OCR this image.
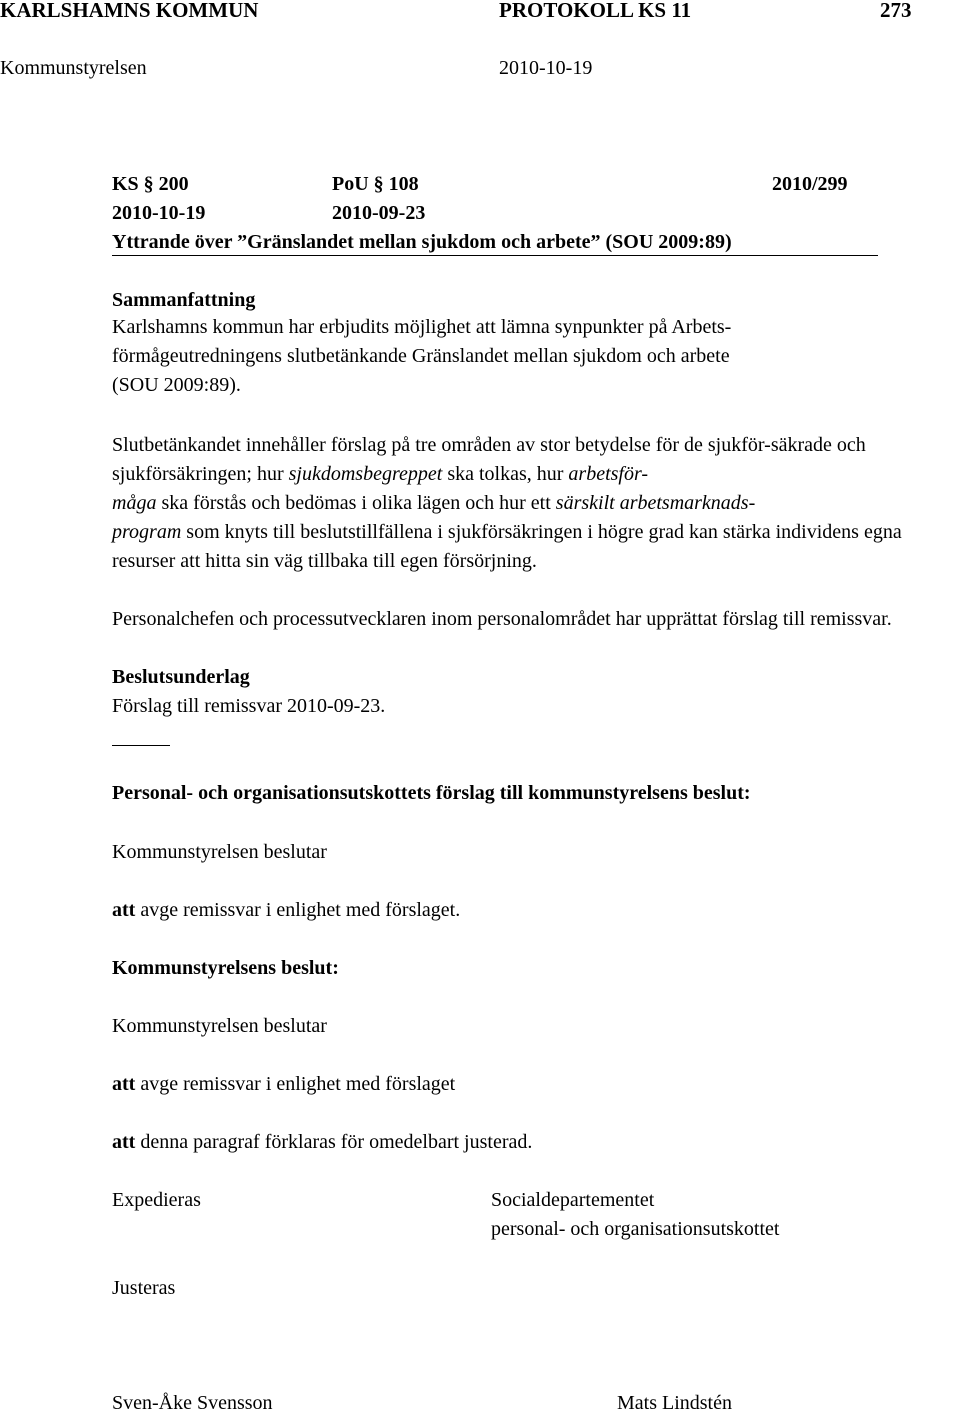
KARLSHAMNS KOMMUN	PROTOKOLL KS 11	273
Kommunstyrelsen	2010-10-19
KS § 200	PoU § 108	2010/299
2010-10-19	2010-09-23
Yttrande över ”Gränslandet mellan sjukdom och arbete” (SOU 2009:89)
Sammanfattning
Karlshamns kommun har erbjudits möjlighet att lämna synpunkter på Arbets-
förmågeutredningens slutbetänkande Gränslandet mellan sjukdom och arbete
(SOU 2009:89).
Slutbetänkandet innehåller förslag på tre områden av stor betydelse för de sjukför-säkrade och
sjukförsäkringen; hur sjukdomsbegreppet ska tolkas, hur arbetsför-
måga ska förstås och bedömas i olika lägen och hur ett särskilt arbetsmarknads-
program som knyts till beslutstillfällena i sjukförsäkringen i högre grad kan stärka individens egna
resurser att hitta sin väg tillbaka till egen försörjning.
Personalchefen och processutvecklaren inom personalområdet har upprättat förslag till remissvar.
Beslutsunderlag
Förslag till remissvar 2010-09-23.
Personal- och organisationsutskottets förslag till kommunstyrelsens beslut:
Kommunstyrelsen beslutar
att avge remissvar i enlighet med förslaget.
Kommunstyrelsens beslut:
Kommunstyrelsen beslutar
att avge remissvar i enlighet med förslaget
att denna paragraf förklaras för omedelbart justerad.
Expedieras	Socialdepartementet
personal- och organisationsutskottet
Justeras
Sven-Åke Svensson	Mats Lindstén
